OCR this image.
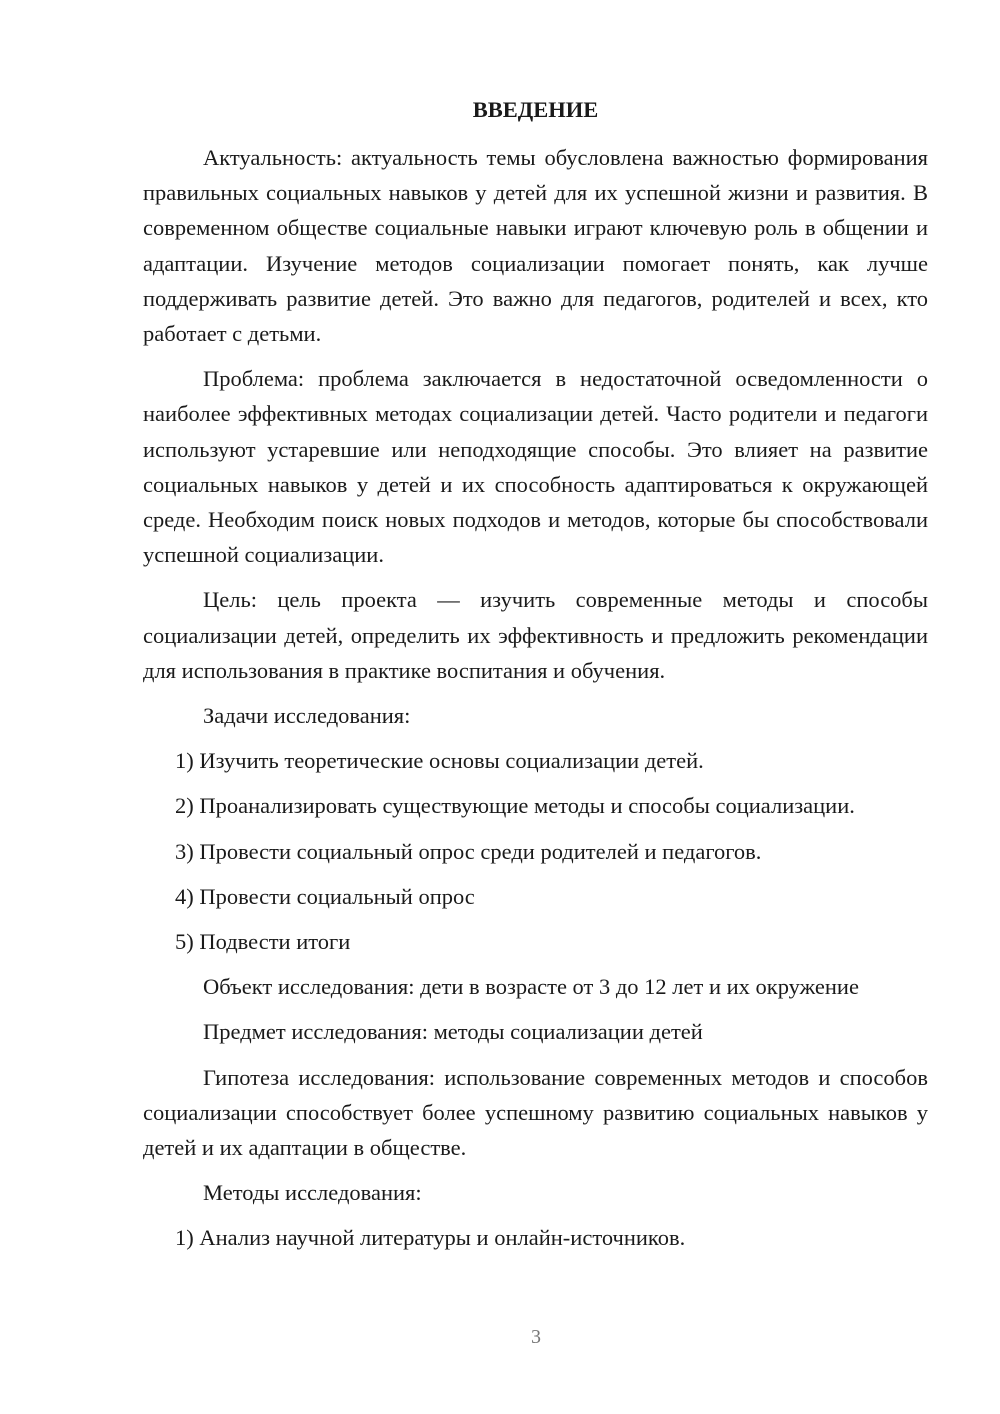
ВВЕДЕНИЕ

Актуальность: актуальность темы обусловлена важностью формирования правильных социальных навыков у детей для их успешной жизни и развития. В современном обществе социальные навыки играют ключевую роль в общении и адаптации. Изучение методов социализации помогает понять, как лучше поддерживать развитие детей. Это важно для педагогов, родителей и всех, кто работает с детьми.

Проблема: проблема заключается в недостаточной осведомленности о наиболее эффективных методах социализации детей. Часто родители и педагоги используют устаревшие или неподходящие способы. Это влияет на развитие социальных навыков у детей и их способность адаптироваться к окружающей среде. Необходим поиск новых подходов и методов, которые бы способствовали успешной социализации.

Цель: цель проекта — изучить современные методы и способы социализации детей, определить их эффективность и предложить рекомендации для использования в практике воспитания и обучения.

Задачи исследования:
1) Изучить теоретические основы социализации детей.
2) Проанализировать существующие методы и способы социализации.
3) Провести социальный опрос среди родителей и педагогов.
4) Провести социальный опрос
5) Подвести итоги
Объект исследования: дети в возрасте от 3 до 12 лет и их окружение
Предмет исследования: методы социализации детей

Гипотеза исследования: использование современных методов и способов социализации способствует более успешному развитию социальных навыков у детей и их адаптации в обществе.

Методы исследования:
1) Анализ научной литературы и онлайн-источников.
3
